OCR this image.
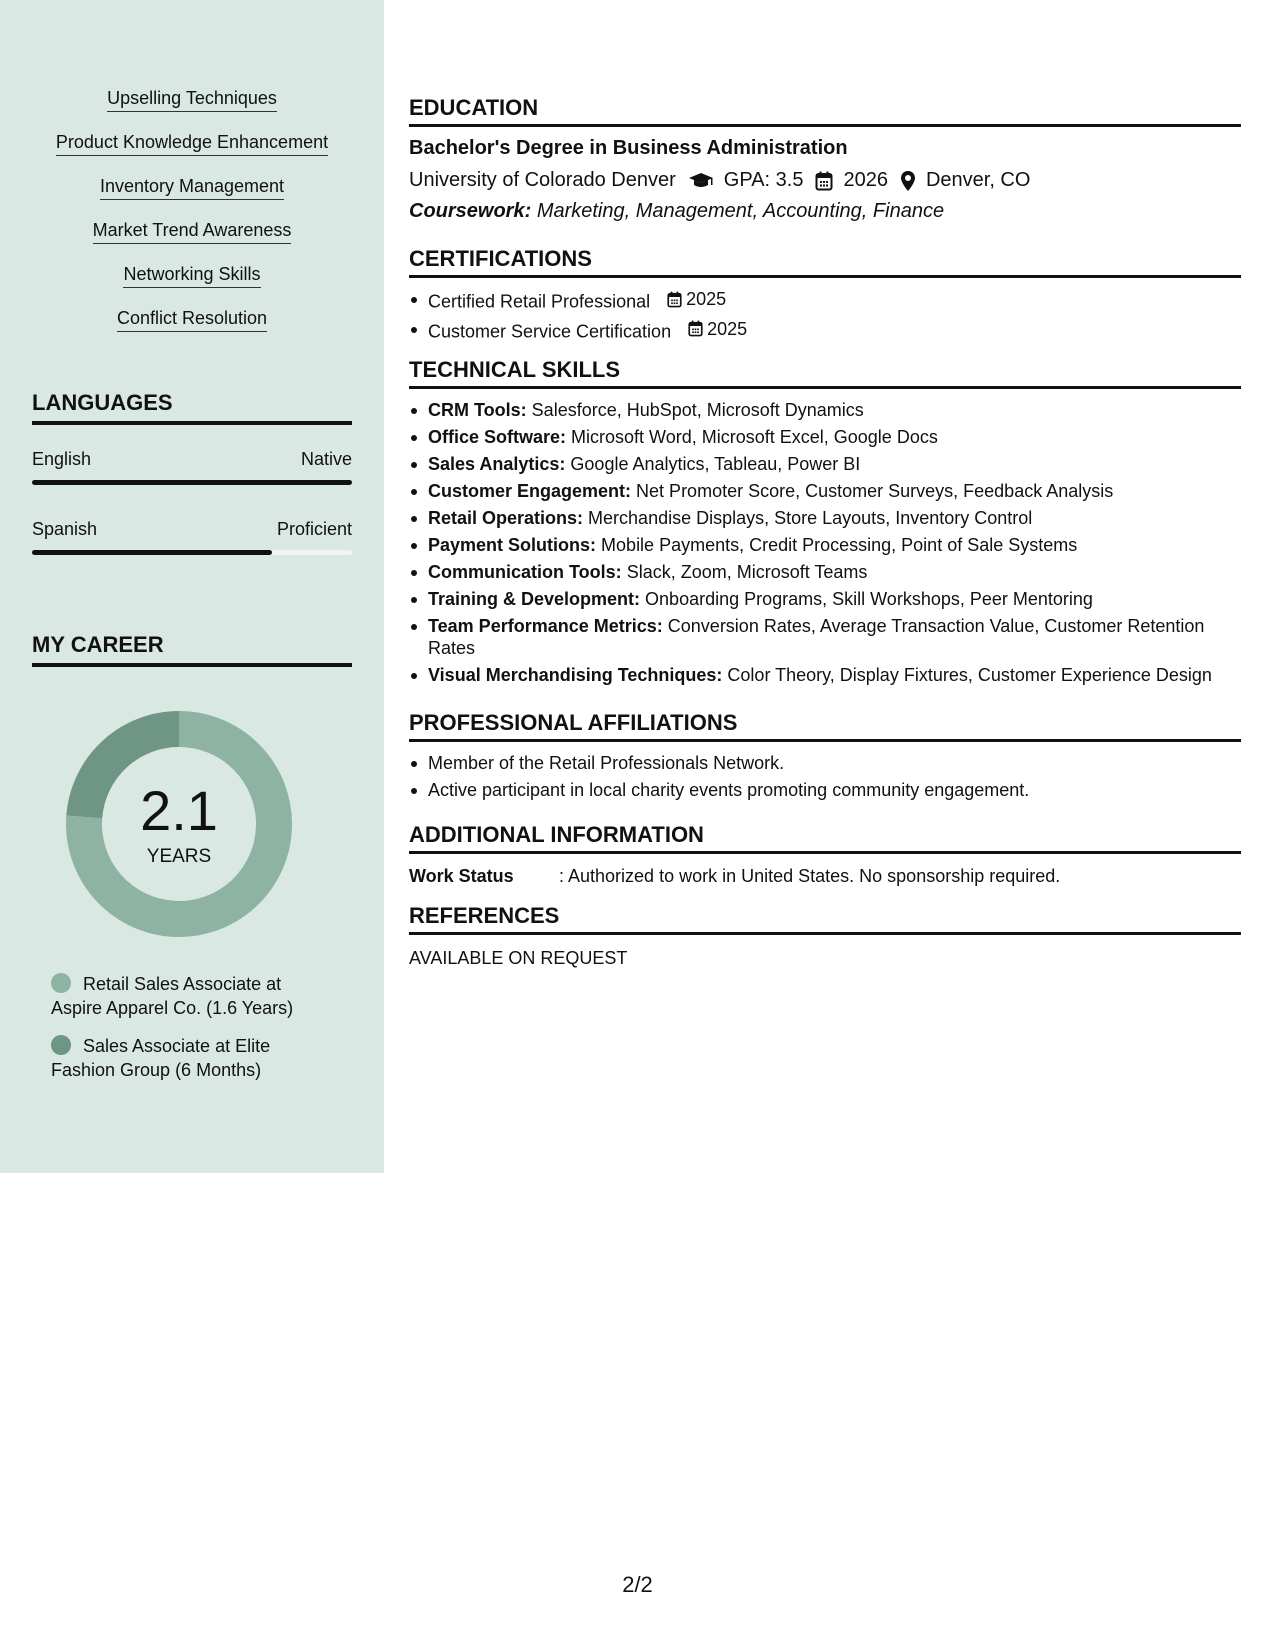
Upselling Techniques
Product Knowledge Enhancement
Inventory Management
Market Trend Awareness
Networking Skills
Conflict Resolution
LANGUAGES
English	Native
Spanish	Proficient
MY CAREER
2.1
YEARS
Retail Sales Associate at Aspire Apparel Co. (1.6 Years)
Sales Associate at Elite Fashion Group (6 Months)
EDUCATION
Bachelor's Degree in Business Administration
University of Colorado Denver GPA: 3.5 2026 Denver, CO
Coursework: Marketing, Management, Accounting, Finance
CERTIFICATIONS
Certified Retail Professional 2025
Customer Service Certification 2025
TECHNICAL SKILLS
CRM Tools: Salesforce, HubSpot, Microsoft Dynamics
Office Software: Microsoft Word, Microsoft Excel, Google Docs
Sales Analytics: Google Analytics, Tableau, Power BI
Customer Engagement: Net Promoter Score, Customer Surveys, Feedback Analysis
Retail Operations: Merchandise Displays, Store Layouts, Inventory Control
Payment Solutions: Mobile Payments, Credit Processing, Point of Sale Systems
Communication Tools: Slack, Zoom, Microsoft Teams
Training & Development: Onboarding Programs, Skill Workshops, Peer Mentoring
Team Performance Metrics: Conversion Rates, Average Transaction Value, Customer Retention Rates
Visual Merchandising Techniques: Color Theory, Display Fixtures, Customer Experience Design
PROFESSIONAL AFFILIATIONS
Member of the Retail Professionals Network.
Active participant in local charity events promoting community engagement.
ADDITIONAL INFORMATION
Work Status	: Authorized to work in United States. No sponsorship required.
REFERENCES
AVAILABLE ON REQUEST
2/2
